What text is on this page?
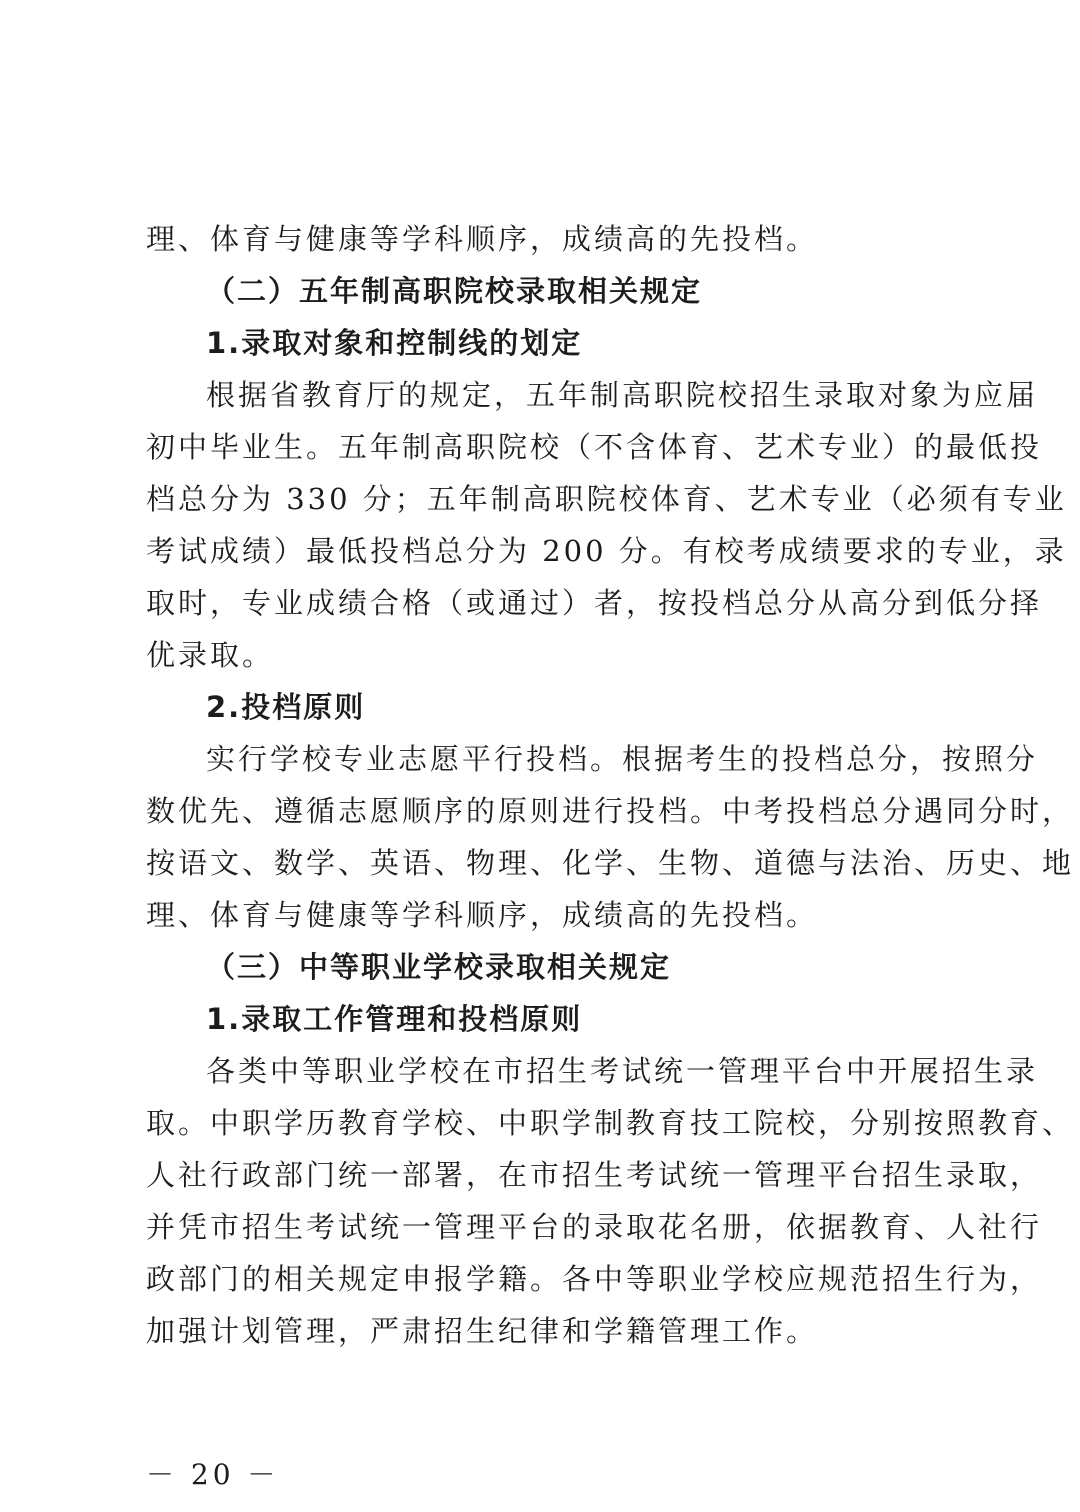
理、体育与健康等学科顺序，成绩高的先投档。

（二）五年制高职院校录取相关规定

1.录取对象和控制线的划定

根据省教育厅的规定，五年制高职院校招生录取对象为应届

初中毕业生。五年制高职院校（不含体育、艺术专业）的最低投

档总分为 330 分；五年制高职院校体育、艺术专业（必须有专业

考试成绩）最低投档总分为 200 分。有校考成绩要求的专业，录

取时，专业成绩合格（或通过）者，按投档总分从高分到低分择

优录取。

2.投档原则

实行学校专业志愿平行投档。根据考生的投档总分，按照分

数优先、遵循志愿顺序的原则进行投档。中考投档总分遇同分时，

按语文、数学、英语、物理、化学、生物、道德与法治、历史、地

理、体育与健康等学科顺序，成绩高的先投档。

（三）中等职业学校录取相关规定

1.录取工作管理和投档原则

各类中等职业学校在市招生考试统一管理平台中开展招生录

取。中职学历教育学校、中职学制教育技工院校，分别按照教育、

人社行政部门统一部署，在市招生考试统一管理平台招生录取，

并凭市招生考试统一管理平台的录取花名册，依据教育、人社行

政部门的相关规定申报学籍。各中等职业学校应规范招生行为，

加强计划管理，严肃招生纪律和学籍管理工作。

－ 20 －
